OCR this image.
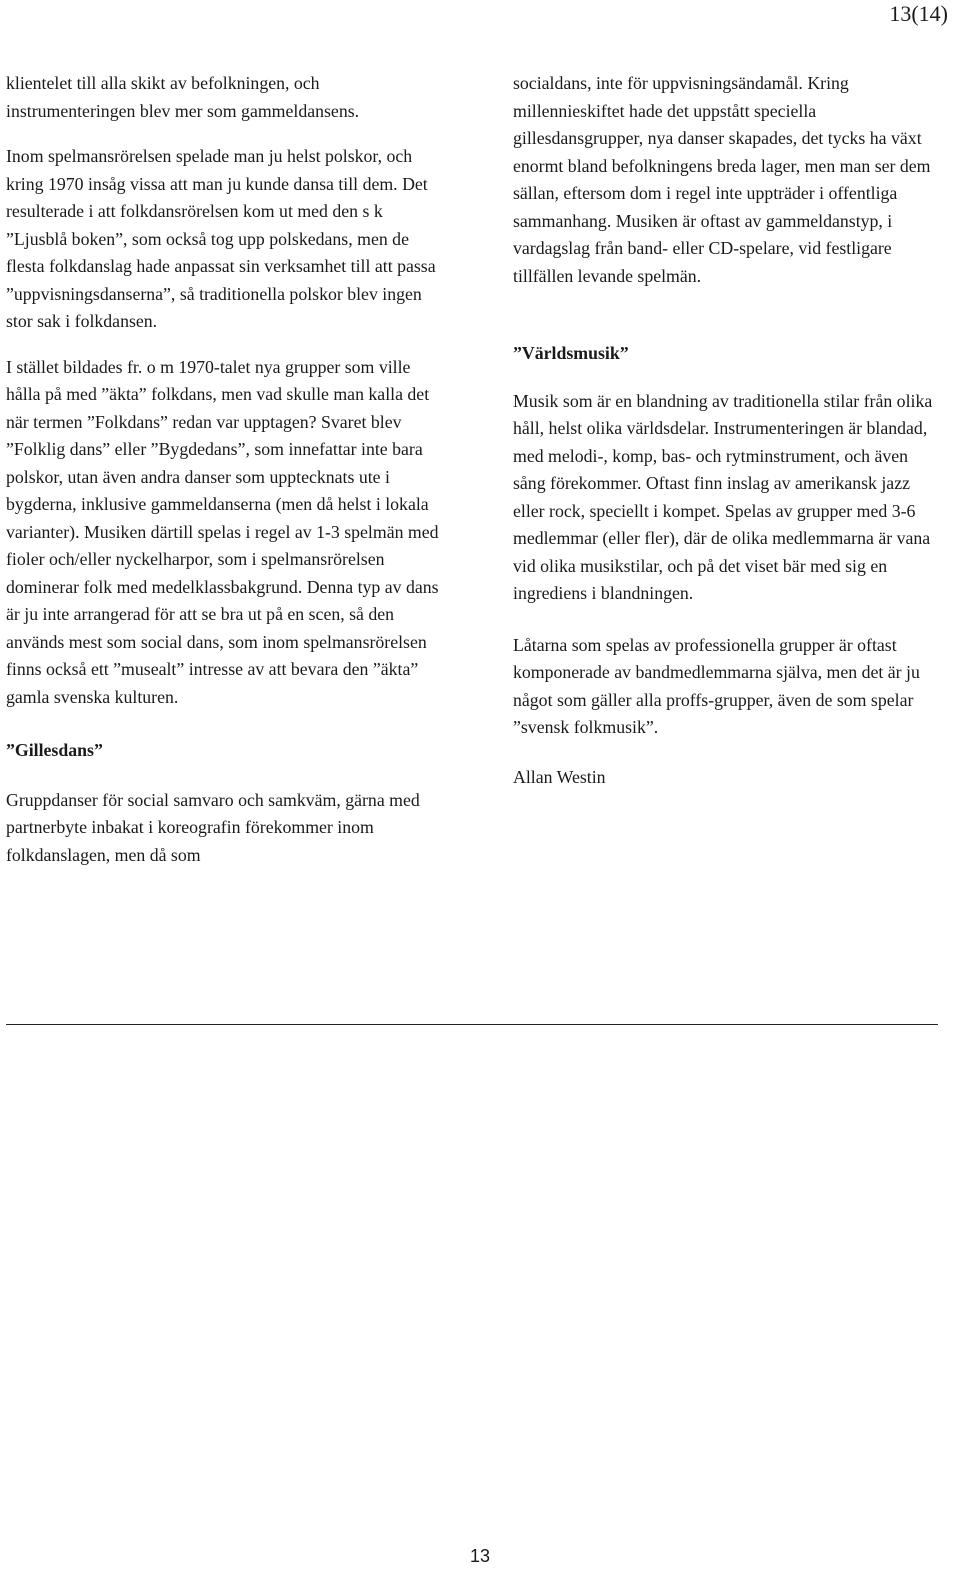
13(14)

klientelet till alla skikt av befolkningen, och instrumenteringen blev mer som gammeldansens.

Inom spelmansrörelsen spelade man ju helst polskor, och kring 1970 insåg vissa att man ju kunde dansa till dem. Det resulterade i att folkdansrörelsen kom ut med den s k ”Ljusblå boken”, som också tog upp polskedans, men de flesta folkdanslag hade anpassat sin verksamhet till att passa ”uppvisningsdanserna”, så traditionella polskor blev ingen stor sak i folkdansen.

I stället bildades fr. o m 1970-talet nya grupper som ville hålla på med ”äkta” folkdans, men vad skulle man kalla det när termen ”Folkdans” redan var upptagen? Svaret blev ”Folklig dans” eller ”Bygdedans”, som innefattar inte bara polskor, utan även andra danser som upptecknats ute i bygderna, inklusive gammeldanserna (men då helst i lokala varianter). Musiken därtill spelas i regel av 1-3 spelmän med fioler och/eller nyckelharpor, som i spelmansrörelsen dominerar folk med medelklassbakgrund. Denna typ av dans är ju inte arrangerad för att se bra ut på en scen, så den används mest som social dans, som inom spelmansrörelsen finns också ett ”musealt” intresse av att bevara den ”äkta” gamla svenska kulturen.

”Gillesdans”

Gruppdanser för social samvaro och samkväm, gärna med partnerbyte inbakat i koreografin förekommer inom folkdanslagen, men då som

socialdans, inte för uppvisningsändamål. Kring millennieskiftet hade det uppstått speciella gillesdansgrupper, nya danser skapades, det tycks ha växt enormt bland befolkningens breda lager, men man ser dem sällan, eftersom dom i regel inte uppträder i offentliga sammanhang. Musiken är oftast av gammeldanstyp, i vardagslag från band- eller CD-spelare, vid festligare tillfällen levande spelmän.

”Världsmusik”

Musik som är en blandning av traditionella stilar från olika håll, helst olika världsdelar. Instrumenteringen är blandad, med melodi-, komp, bas- och rytminstrument, och även sång förekommer. Oftast finn inslag av amerikansk jazz eller rock, speciellt i kompet. Spelas av grupper med 3-6 medlemmar (eller fler), där de olika medlemmarna är vana vid olika musikstilar, och på det viset bär med sig en ingrediens i blandningen.

Låtarna som spelas av professionella grupper är oftast komponerade av bandmedlemmarna själva, men det är ju något som gäller alla proffs-grupper, även de som spelar ”svensk folkmusik”.

Allan Westin

13
